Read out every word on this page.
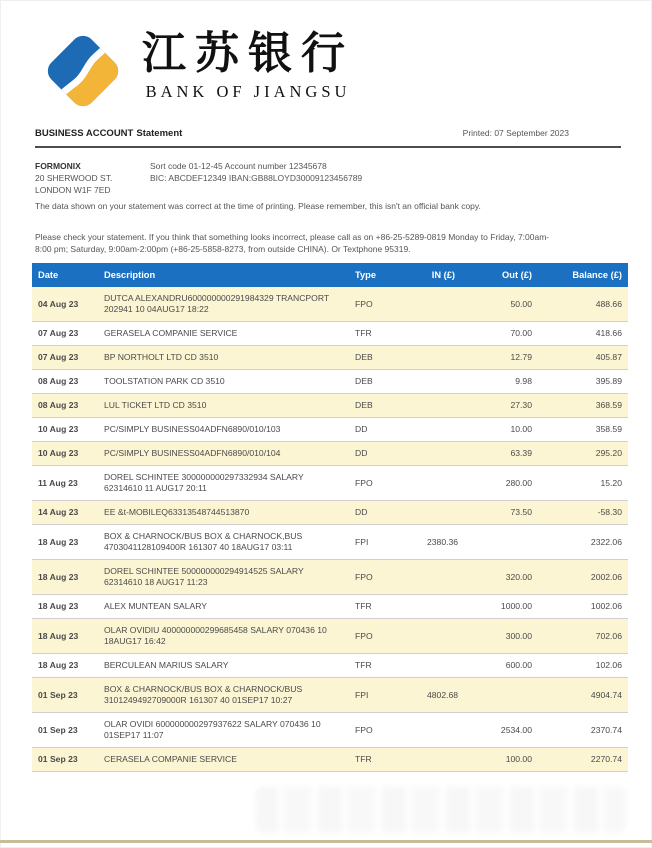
江苏银行
BANK OF JIANGSU
BUSINESS ACCOUNT Statement	Printed: 07 September 2023
FORMONIX
20 SHERWOOD ST.
LONDON W1F 7ED
Sort code 01-12-45 Account number 12345678
BIC: ABCDEF12349 IBAN:GB88LOYD30009123456789
The data shown on your statement was correct at the time of printing. Please remember, this isn't an official bank copy.
Please check your statement. If you think that something looks incorrect, please call as on +86-25-5289-0819 Monday to Friday, 7:00am-
8:00 pm; Saturday, 9:00am-2:00pm (+86-25-5858-8273, from outside CHINA). Or Textphone 95319.
Date	Description	Type	IN (£)	Out (£)	Balance (£)
04 Aug 23	DUTCA ALEXANDRU600000000291984329 TRANCPORT 202941 10 04AUG17 18:22	FPO		50.00	488.66
07 Aug 23	GERASELA COMPANIE SERVICE	TFR		70.00	418.66
07 Aug 23	BP NORTHOLT LTD CD 3510	DEB		12.79	405.87
08 Aug 23	TOOLSTATION PARK CD 3510	DEB		9.98	395.89
08 Aug 23	LUL TICKET LTD CD 3510	DEB		27.30	368.59
10 Aug 23	PC/SIMPLY BUSINESS04ADFN6890/010/103	DD		10.00	358.59
10 Aug 23	PC/SIMPLY BUSINESS04ADFN6890/010/104	DD		63.39	295.20
11 Aug 23	DOREL SCHINTEE 300000000297332934 SALARY 62314610 11 AUG17 20:11	FPO		280.00	15.20
14 Aug 23	EE &t-MOBILEQ63313548744513870	DD		73.50	-58.30
18 Aug 23	BOX & CHARNOCK/BUS BOX & CHARNOCK,BUS 4703041128109400R 161307 40 18AUG17 03:11	FPI	2380.36		2322.06
18 Aug 23	DOREL SCHINTEE 500000000294914525 SALARY 62314610 18 AUG17 11:23	FPO		320.00	2002.06
18 Aug 23	ALEX MUNTEAN SALARY	TFR		1000.00	1002.06
18 Aug 23	OLAR OVIDIU 400000000299685458 SALARY 070436 10 18AUG17 16:42	FPO		300.00	702.06
18 Aug 23	BERCULEAN MARIUS SALARY	TFR		600.00	102.06
01 Sep 23	BOX & CHARNOCK/BUS BOX & CHARNOCK/BUS 3101249492709000R 161307 40 01SEP17 10:27	FPI	4802.68		4904.74
01 Sep 23	OLAR OVIDI 600000000297937622 SALARY 070436 10 01SEP17 11:07	FPO		2534.00	2370.74
01 Sep 23	CERASELA COMPANIE SERVICE	TFR		100.00	2270.74
